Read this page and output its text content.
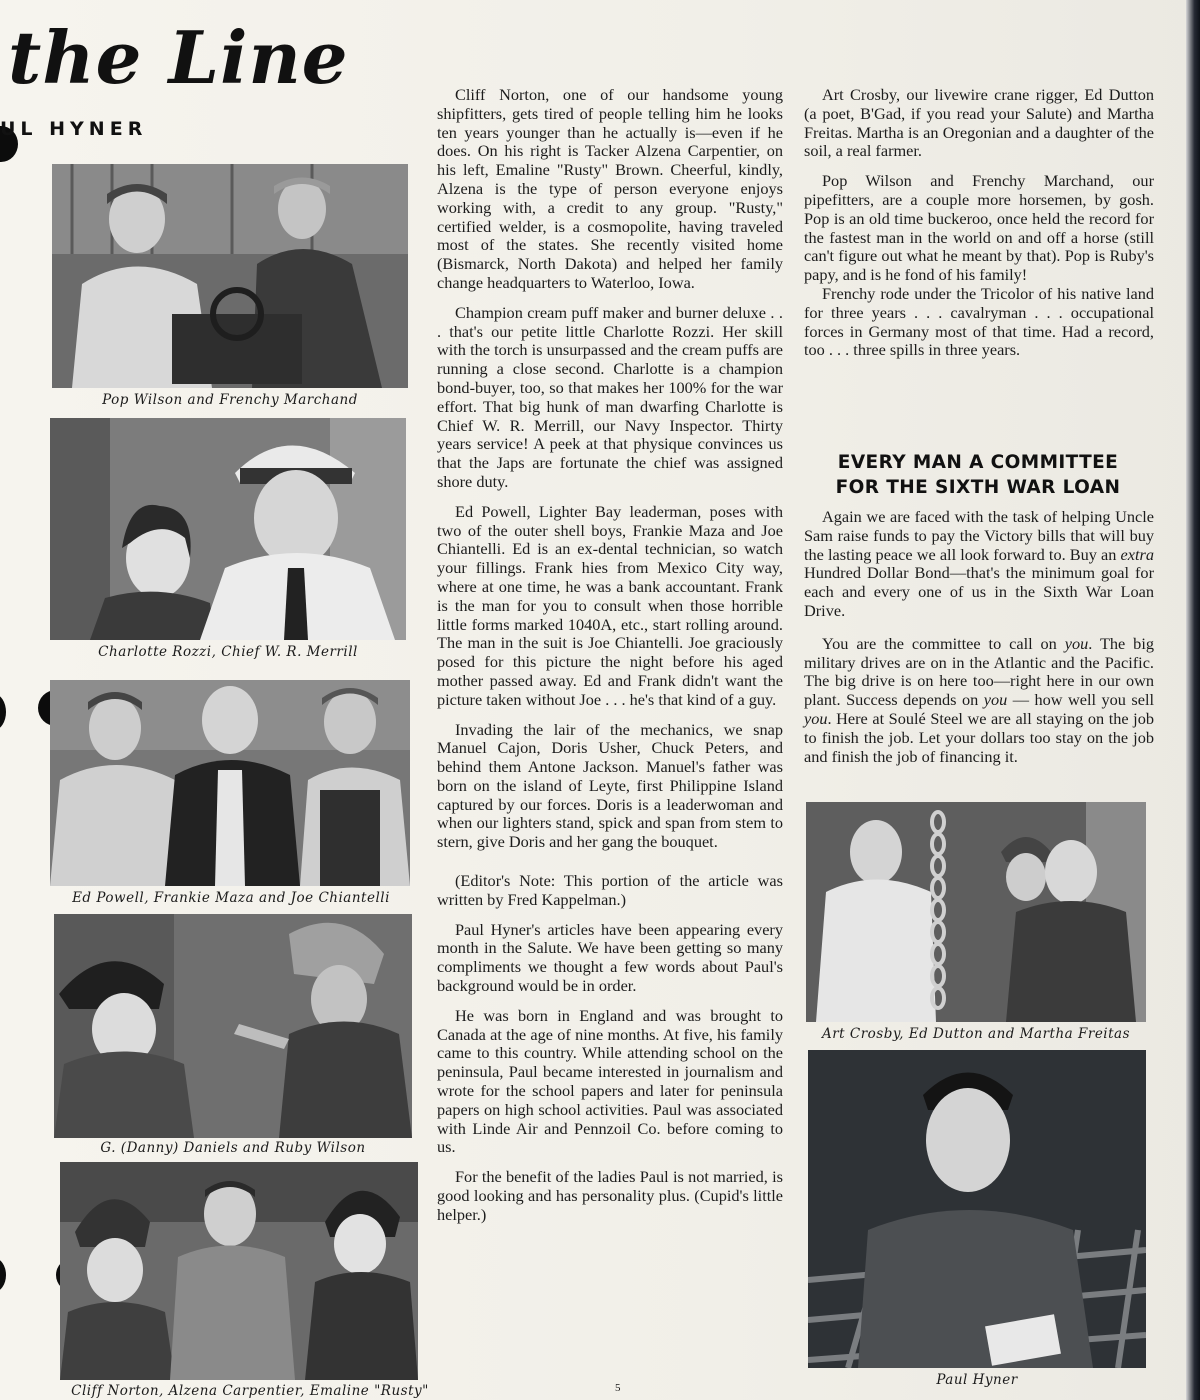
the Line

UL HYNER

Pop Wilson and Frenchy Marchand

Charlotte Rozzi, Chief W. R. Merrill

Ed Powell, Frankie Maza and Joe Chiantelli

G. (Danny) Daniels and Ruby Wilson

Cliff Norton, Alzena Carpentier, Emaline "Rusty"

Cliff Norton, one of our handsome young shipfitters, gets tired of people telling him he looks ten years younger than he actually is—even if he does. On his right is Tacker Alzena Carpentier, on his left, Emaline "Rusty" Brown. Cheerful, kindly, Alzena is the type of person everyone enjoys working with, a credit to any group. "Rusty," certified welder, is a cosmopolite, having traveled most of the states. She recently visited home (Bismarck, North Dakota) and helped her family change headquarters to Waterloo, Iowa.

Champion cream puff maker and burner deluxe . . . that's our petite little Charlotte Rozzi. Her skill with the torch is unsurpassed and the cream puffs are running a close second. Charlotte is a champion bond-buyer, too, so that makes her 100% for the war effort. That big hunk of man dwarfing Charlotte is Chief W. R. Merrill, our Navy Inspector. Thirty years service! A peek at that physique convinces us that the Japs are fortunate the chief was assigned shore duty.

Ed Powell, Lighter Bay leaderman, poses with two of the outer shell boys, Frankie Maza and Joe Chiantelli. Ed is an ex-dental technician, so watch your fillings. Frank hies from Mexico City way, where at one time, he was a bank accountant. Frank is the man for you to consult when those horrible little forms marked 1040A, etc., start rolling around. The man in the suit is Joe Chiantelli. Joe graciously posed for this picture the night before his aged mother passed away. Ed and Frank didn't want the picture taken without Joe . . . he's that kind of a guy.

Invading the lair of the mechanics, we snap Manuel Cajon, Doris Usher, Chuck Peters, and behind them Antone Jackson. Manuel's father was born on the island of Leyte, first Philippine Island captured by our forces. Doris is a leaderwoman and when our lighters stand, spick and span from stem to stern, give Doris and her gang the bouquet.

(Editor's Note: This portion of the article was written by Fred Kappelman.)

Paul Hyner's articles have been appearing every month in the Salute. We have been getting so many compliments we thought a few words about Paul's background would be in order.

He was born in England and was brought to Canada at the age of nine months. At five, his family came to this country. While attending school on the peninsula, Paul became interested in journalism and wrote for the school papers and later for peninsula papers on high school activities. Paul was associated with Linde Air and Pennzoil Co. before coming to us.

For the benefit of the ladies Paul is not married, is good looking and has personality plus. (Cupid's little helper.)

Art Crosby, our livewire crane rigger, Ed Dutton (a poet, B'Gad, if you read your Salute) and Martha Freitas. Martha is an Oregonian and a daughter of the soil, a real farmer.

Pop Wilson and Frenchy Marchand, our pipefitters, are a couple more horsemen, by gosh. Pop is an old time buckeroo, once held the record for the fastest man in the world on and off a horse (still can't figure out what he meant by that). Pop is Ruby's papy, and is he fond of his family!

Frenchy rode under the Tricolor of his native land for three years . . . cavalryman . . . occupational forces in Germany most of that time. Had a record, too . . . three spills in three years.

EVERY MAN A COMMITTEE
FOR THE SIXTH WAR LOAN

Again we are faced with the task of helping Uncle Sam raise funds to pay the Victory bills that will buy the lasting peace we all look forward to. Buy an extra Hundred Dollar Bond—that's the minimum goal for each and every one of us in the Sixth War Loan Drive.

You are the committee to call on you. The big military drives are on in the Atlantic and the Pacific. The big drive is on here too—right here in our own plant. Success depends on you — how well you sell you. Here at Soulé Steel we are all staying on the job to finish the job. Let your dollars too stay on the job and finish the job of financing it.

Art Crosby, Ed Dutton and Martha Freitas

Paul Hyner

5
